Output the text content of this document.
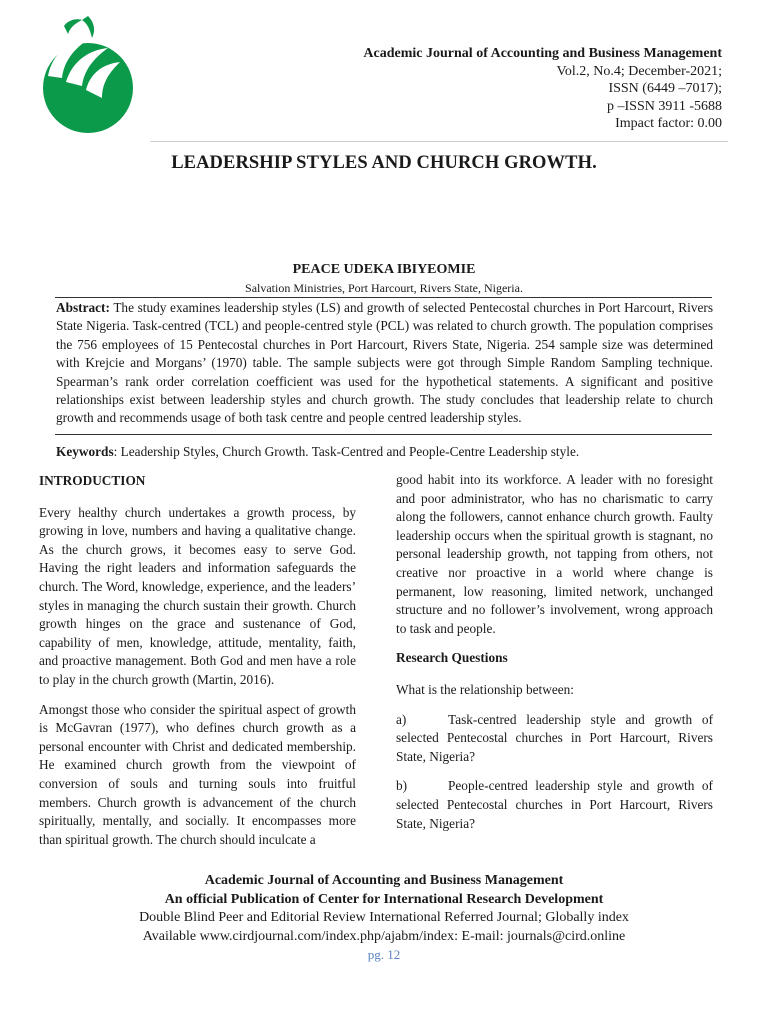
Academic Journal of Accounting and Business Management
Vol.2, No.4; December-2021;
ISSN (6449 –7017);
p –ISSN 3911 -5688
Impact factor: 0.00
LEADERSHIP STYLES AND CHURCH GROWTH.
PEACE UDEKA IBIYEOMIE
Salvation Ministries, Port Harcourt, Rivers State, Nigeria.
Abstract: The study examines leadership styles (LS) and growth of selected Pentecostal churches in Port Harcourt, Rivers State Nigeria. Task-centred (TCL) and people-centred style (PCL) was related to church growth. The population comprises the 756 employees of 15 Pentecostal churches in Port Harcourt, Rivers State, Nigeria. 254 sample size was determined with Krejcie and Morgans’ (1970) table. The sample subjects were got through Simple Random Sampling technique. Spearman’s rank order correlation coefficient was used for the hypothetical statements. A significant and positive relationships exist between leadership styles and church growth. The study concludes that leadership relate to church growth and recommends usage of both task centre and people centred leadership styles.
Keywords: Leadership Styles, Church Growth. Task-Centred and People-Centre Leadership style.
INTRODUCTION

Every healthy church undertakes a growth process, by growing in love, numbers and having a qualitative change. As the church grows, it becomes easy to serve God. Having the right leaders and information safeguards the church. The Word, knowledge, experience, and the leaders’ styles in managing the church sustain their growth. Church growth hinges on the grace and sustenance of God, capability of men, knowledge, attitude, mentality, faith, and proactive management. Both God and men have a role to play in the church growth (Martin, 2016).

Amongst those who consider the spiritual aspect of growth is McGavran (1977), who defines church growth as a personal encounter with Christ and dedicated membership. He examined church growth from the viewpoint of conversion of souls and turning souls into fruitful members. Church growth is advancement of the church spiritually, mentally, and socially. It encompasses more than spiritual growth. The church should inculcate a

good habit into its workforce. A leader with no foresight and poor administrator, who has no charismatic to carry along the followers, cannot enhance church growth. Faulty leadership occurs when the spiritual growth is stagnant, no personal leadership growth, not tapping from others, not creative nor proactive in a world where change is permanent, low reasoning, limited network, unchanged structure and no follower’s involvement, wrong approach to task and people.

Research Questions

What is the relationship between:

a)	Task-centred leadership style and growth of selected Pentecostal churches in Port Harcourt, Rivers State, Nigeria?

b)	People-centred leadership style and growth of selected Pentecostal churches in Port Harcourt, Rivers State, Nigeria?

Academic Journal of Accounting and Business Management
An official Publication of Center for International Research Development
Double Blind Peer and Editorial Review International Referred Journal; Globally index
Available www.cirdjournal.com/index.php/ajabm/index: E-mail: journals@cird.online
pg. 12
